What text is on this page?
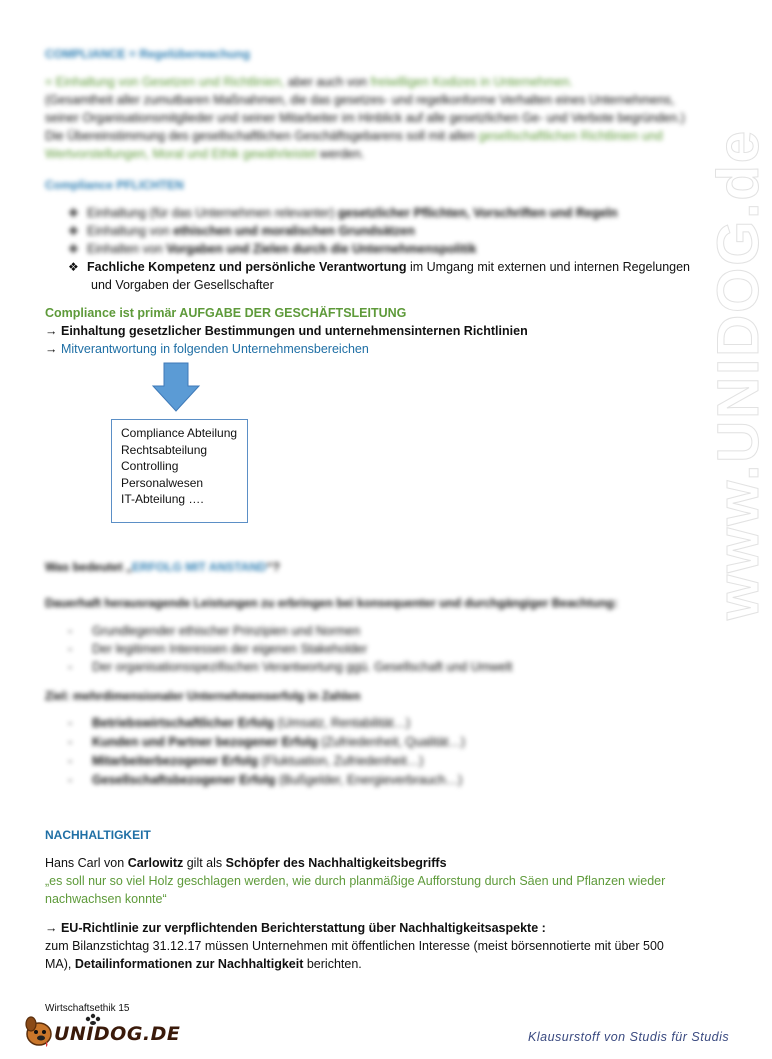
www.UNIDOG.de
COMPLIANCE = Regelüberwachung
= Einhaltung von Gesetzen und Richtlinien, aber auch von freiwilligen Kodizes in Unternehmen.
(Gesamtheit aller zumutbaren Maßnahmen, die das gesetzes- und regelkonforme Verhalten eines Unternehmens,
seiner Organisationsmitglieder und seiner Mitarbeiter im Hinblick auf alle gesetzlichen Ge- und Verbote begründen.)
Die Übereinstimmung des gesellschaftlichen Geschäftsgebarens soll mit allen gesellschaftlichen Richtlinien und
Wertvorstellungen, Moral und Ethik gewährleistet werden.
Compliance PFLICHTEN
❖ Einhaltung (für das Unternehmen relevanter) gesetzlicher Pflichten, Vorschriften und Regeln
❖ Einhaltung von ethischen und moralischen Grundsätzen
❖ Einhalten von Vorgaben und Zielen durch die Unternehmenspolitik
❖ Fachliche Kompetenz und persönliche Verantwortung im Umgang mit externen und internen Regelungen
und Vorgaben der Gesellschafter
Compliance ist primär AUFGABE DER GESCHÄFTSLEITUNG
→ Einhaltung gesetzlicher Bestimmungen und unternehmensinternen Richtlinien
→ Mitverantwortung in folgenden Unternehmensbereichen
Compliance Abteilung
Rechtsabteilung
Controlling
Personalwesen
IT-Abteilung ….
Was bedeutet „ERFOLG MIT ANSTAND“?
Dauerhaft herausragende Leistungen zu erbringen bei konsequenter und durchgängiger Beachtung:
- Grundlegender ethischer Prinzipien und Normen
- Der legitimen Interessen der eigenen Stakeholder
- Der organisationsspezifischen Verantwortung ggü. Gesellschaft und Umwelt
Ziel: mehrdimensionaler Unternehmenserfolg in Zahlen
- Betriebswirtschaftlicher Erfolg (Umsatz, Rentabilität…)
- Kunden und Partner bezogener Erfolg (Zufriedenheit, Qualität…)
- Mitarbeiterbezogener Erfolg (Fluktuation, Zufriedenheit…)
- Gesellschaftsbezogener Erfolg (Bußgelder, Energieverbrauch…)
NACHHALTIGKEIT
Hans Carl von Carlowitz gilt als Schöpfer des Nachhaltigkeitsbegriffs
„es soll nur so viel Holz geschlagen werden, wie durch planmäßige Aufforstung durch Säen und Pflanzen wieder
nachwachsen konnte“
→ EU-Richtlinie zur verpflichtenden Berichterstattung über Nachhaltigkeitsaspekte :
zum Bilanzstichtag 31.12.17 müssen Unternehmen mit öffentlichen Interesse (meist börsennotierte mit über 500
MA), Detailinformationen zur Nachhaltigkeit berichten.
Wirtschaftsethik 15
UNIDOG.DE	Klausurstoff von Studis für Studis
